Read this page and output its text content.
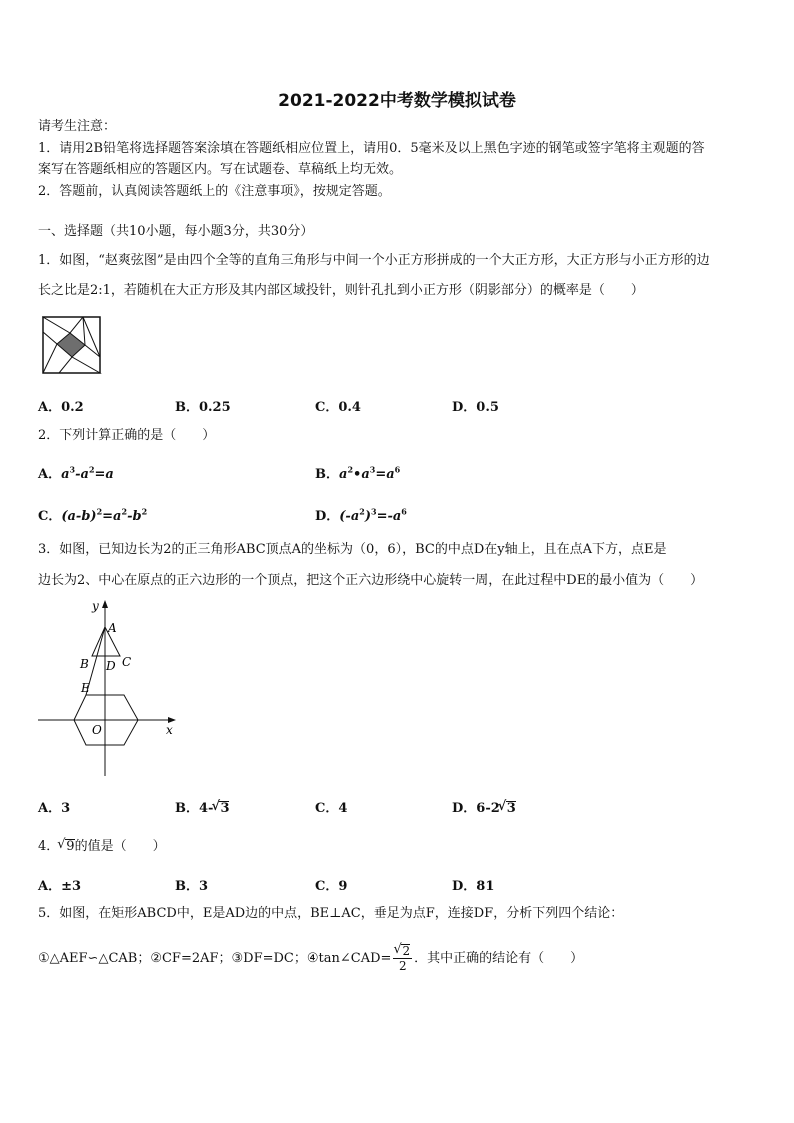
2021-2022中考数学模拟试卷
请考生注意：
1．请用2B铅笔将选择题答案涂填在答题纸相应位置上，请用0．5毫米及以上黑色字迹的钢笔或签字笔将主观题的答
案写在答题纸相应的答题区内。写在试题卷、草稿纸上均无效。
2．答题前，认真阅读答题纸上的《注意事项》，按规定答题。
一、选择题（共10小题，每小题3分，共30分）
1．如图，“赵爽弦图”是由四个全等的直角三角形与中间一个小正方形拼成的一个大正方形，大正方形与小正方形的边
长之比是2:1，若随机在大正方形及其内部区域投针，则针孔扎到小正方形（阴影部分）的概率是（　　）
A．0.2	B．0.25	C．0.4	D．0.5
2．下列计算正确的是（　　）
A．$a^3-a^2=a$	B．$a^2•a^3=a^6$
C．$(a-b)^2=a^2-b^2$	D．$(-a^2)^3=-a^6$
3．如图，已知边长为2的正三角形ABC顶点A的坐标为（0，6），BC的中点D在y轴上，且在点A下方，点E是
边长为2、中心在原点的正六边形的一个顶点，把这个正六边形绕中心旋转一周，在此过程中DE的最小值为（　　）
y
x
A
B D C
E
O
A．3	B．4- √ 3	C．4	D．6-2 √ 3
4． √ 9的值是（　　）
A．±3	B．3	C．9	D．81
5．如图，在矩形ABCD中，E是AD边的中点，BE⊥AC，垂足为点F，连接DF，分析下列四个结论：
①△AEF∽△CAB；②CF=2AF；③DF=DC；④tan∠CAD= √ $\frac{2}{2}$ ．其中正确的结论有（　　）
